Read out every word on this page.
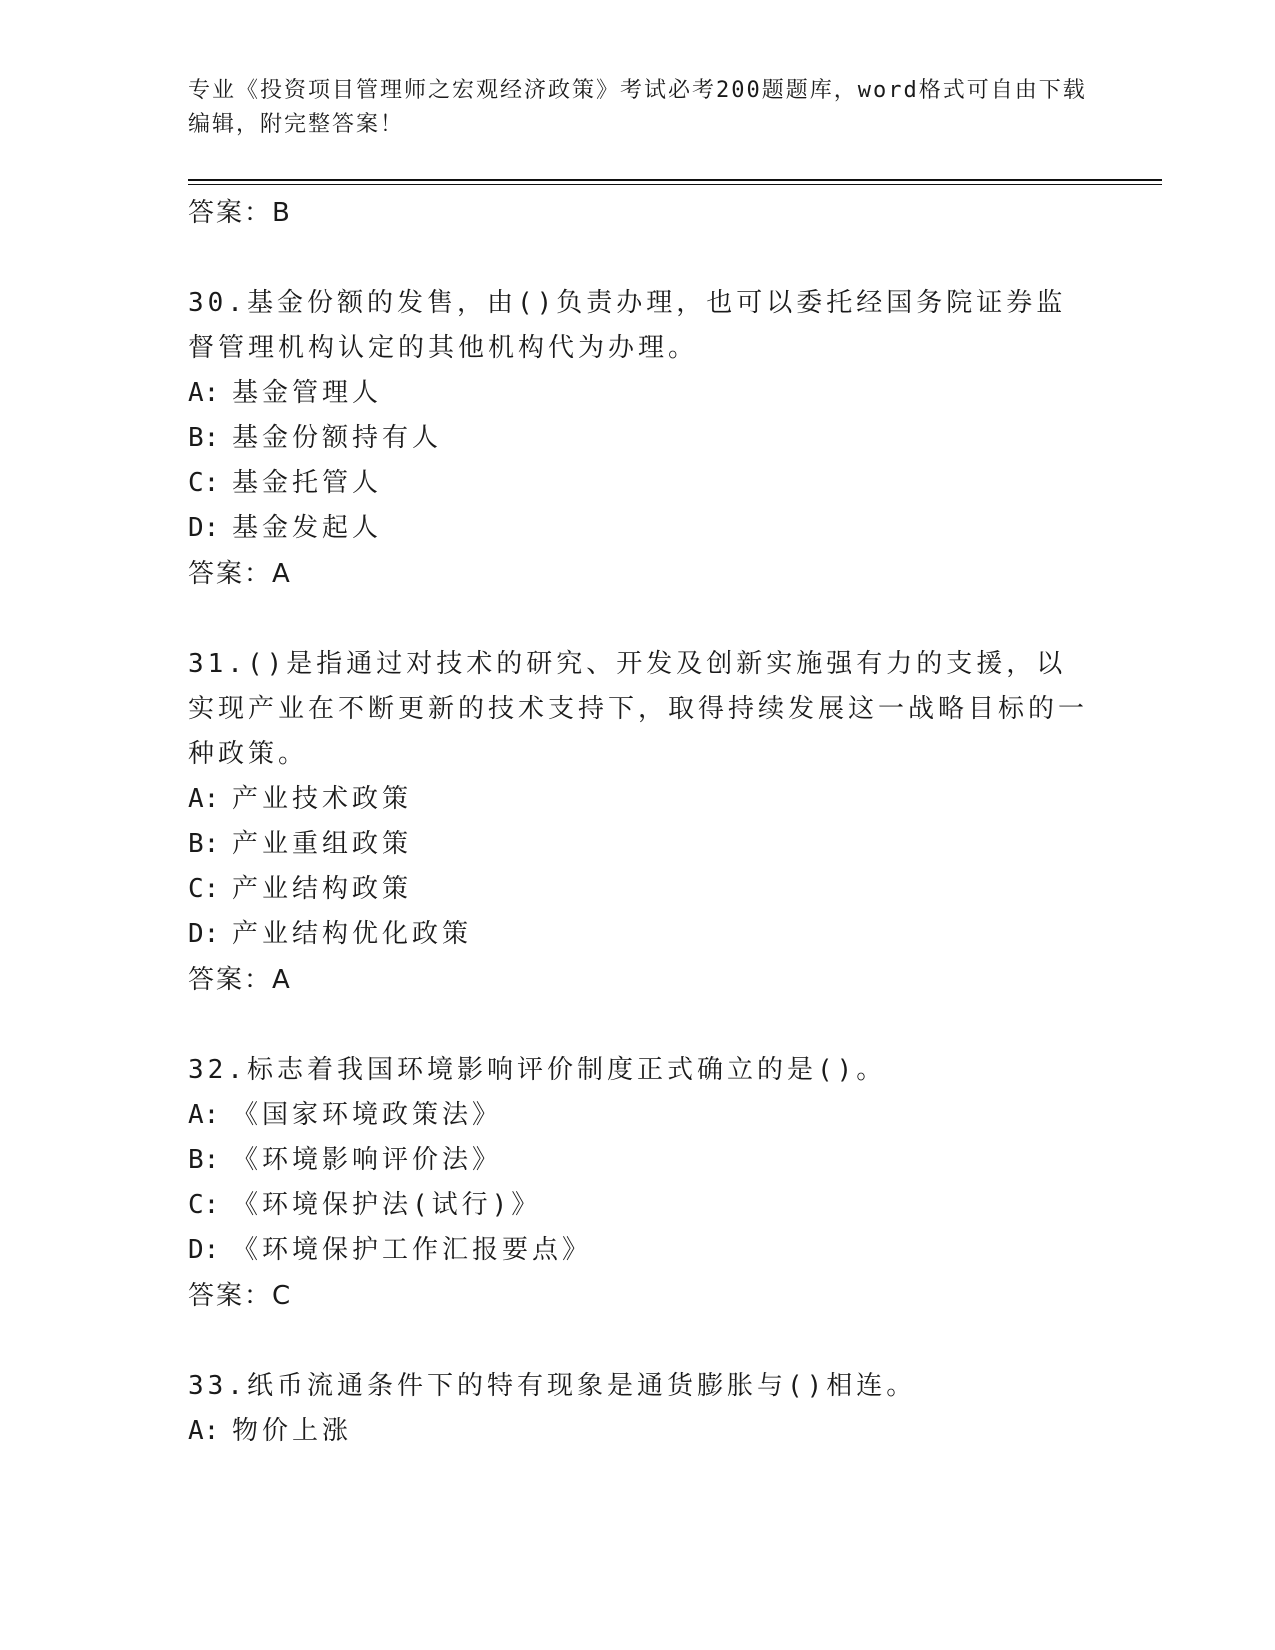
专业《投资项目管理师之宏观经济政策》考试必考200题题库，word格式可自由下载编辑，附完整答案！

答案：B

30.基金份额的发售，由()负责办理，也可以委托经国务院证券监督管理机构认定的其他机构代为办理。

A: 基金管理人

B: 基金份额持有人

C: 基金托管人

D: 基金发起人

答案：A

31.()是指通过对技术的研究、开发及创新实施强有力的支援，以实现产业在不断更新的技术支持下，取得持续发展这一战略目标的一种政策。

A: 产业技术政策

B: 产业重组政策

C: 产业结构政策

D: 产业结构优化政策

答案：A

32.标志着我国环境影响评价制度正式确立的是()。

A: 《国家环境政策法》

B: 《环境影响评价法》

C: 《环境保护法(试行)》

D: 《环境保护工作汇报要点》

答案：C

33.纸币流通条件下的特有现象是通货膨胀与()相连。

A: 物价上涨
